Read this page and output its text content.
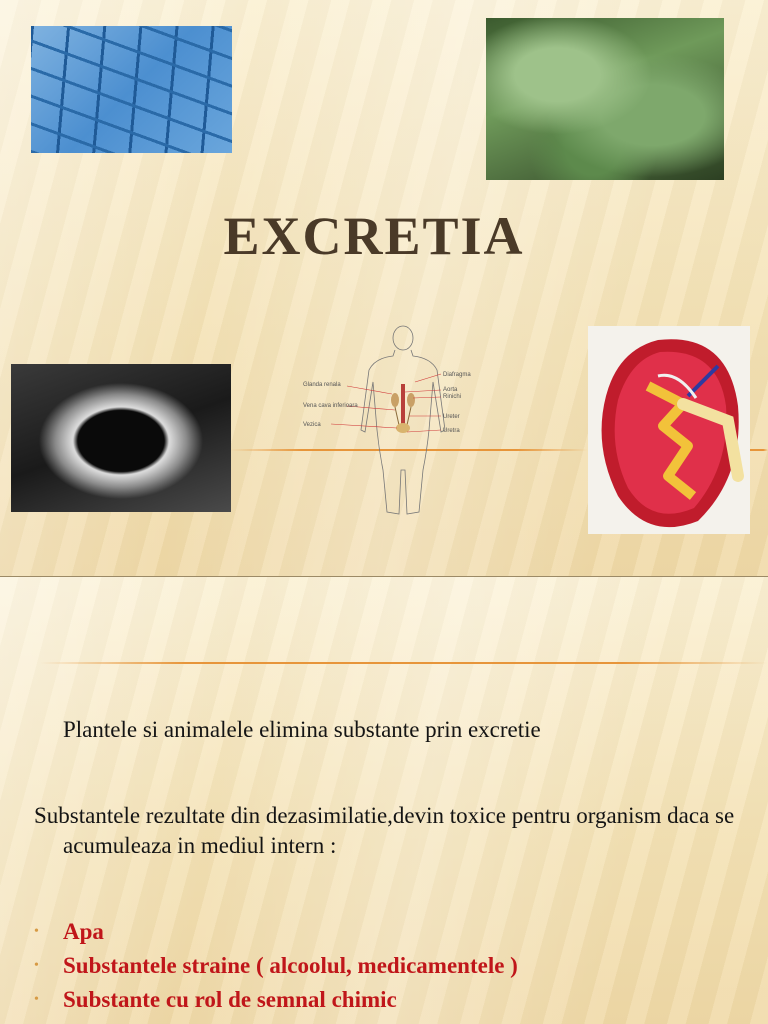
EXCRETIA
Glanda renala
Vena cava inferioara
Vezica
Diafragma
Aorta
Rinichi
Ureter
Uretra

Plantele si animalele elimina substante prin excretie

Substantele rezultate din dezasimilatie,devin toxice pentru organism daca se acumuleaza in mediul intern :

• Apa
• Substantele straine ( alcoolul, medicamentele )
• Substante cu rol de semnal chimic
